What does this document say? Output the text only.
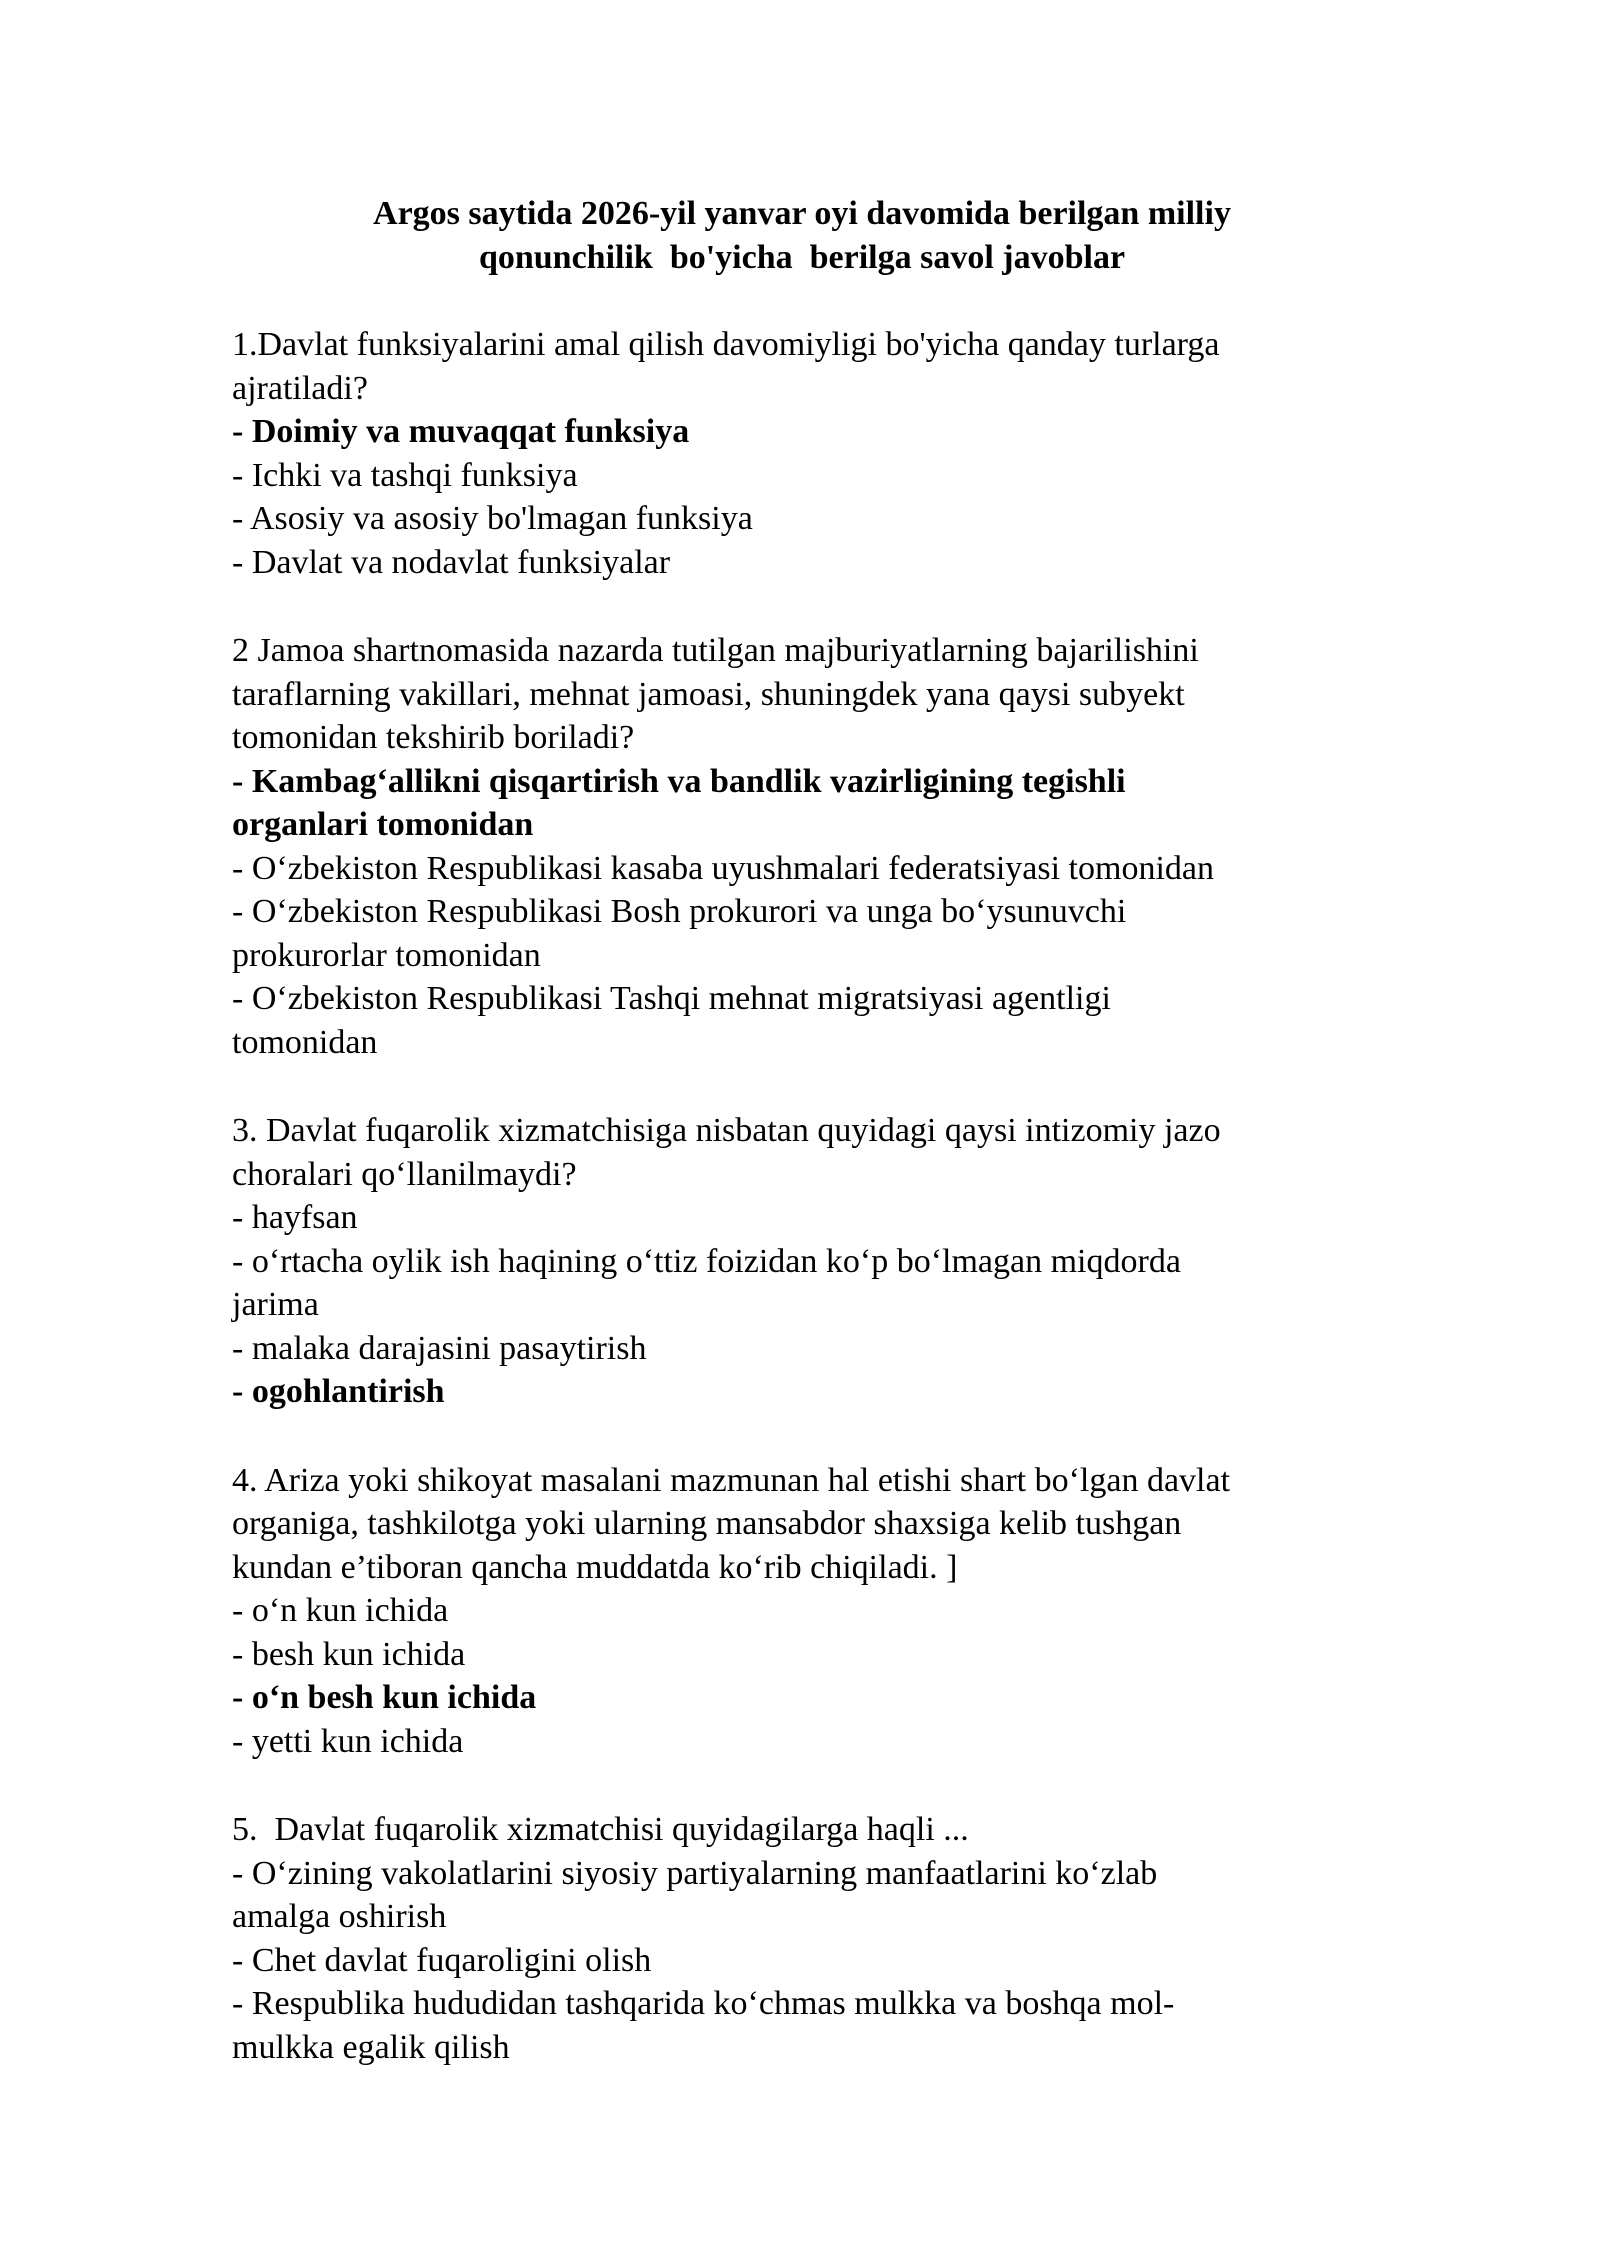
Argos saytida 2026-yil yanvar oyi davomida berilgan milliy
qonunchilik  bo'yicha  berilga savol javoblar
1.Davlat funksiyalarini amal qilish davomiyligi bo'yicha qanday turlarga
ajratiladi?
- Doimiy va muvaqqat funksiya
- Ichki va tashqi funksiya
- Asosiy va asosiy bo'lmagan funksiya
- Davlat va nodavlat funksiyalar
2 Jamoa shartnomasida nazarda tutilgan majburiyatlarning bajarilishini
taraflarning vakillari, mehnat jamoasi, shuningdek yana qaysi subyekt
tomonidan tekshirib boriladi?
- Kambag‘allikni qisqartirish va bandlik vazirligining tegishli
organlari tomonidan
- O‘zbekiston Respublikasi kasaba uyushmalari federatsiyasi tomonidan
- O‘zbekiston Respublikasi Bosh prokurori va unga bo‘ysunuvchi
prokurorlar tomonidan
- O‘zbekiston Respublikasi Tashqi mehnat migratsiyasi agentligi
tomonidan
3. Davlat fuqarolik xizmatchisiga nisbatan quyidagi qaysi intizomiy jazo
choralari qo‘llanilmaydi?
- hayfsan
- o‘rtacha oylik ish haqining o‘ttiz foizidan ko‘p bo‘lmagan miqdorda
jarima
- malaka darajasini pasaytirish
- ogohlantirish
4. Ariza yoki shikoyat masalani mazmunan hal etishi shart bo‘lgan davlat
organiga, tashkilotga yoki ularning mansabdor shaxsiga kelib tushgan
kundan e’tiboran qancha muddatda ko‘rib chiqiladi. ]
- o‘n kun ichida
- besh kun ichida
- o‘n besh kun ichida
- yetti kun ichida
5.  Davlat fuqarolik xizmatchisi quyidagilarga haqli ...
- O‘zining vakolatlarini siyosiy partiyalarning manfaatlarini ko‘zlab
amalga oshirish
- Chet davlat fuqaroligini olish
- Respublika hududidan tashqarida ko‘chmas mulkka va boshqa mol-
mulkka egalik qilish
